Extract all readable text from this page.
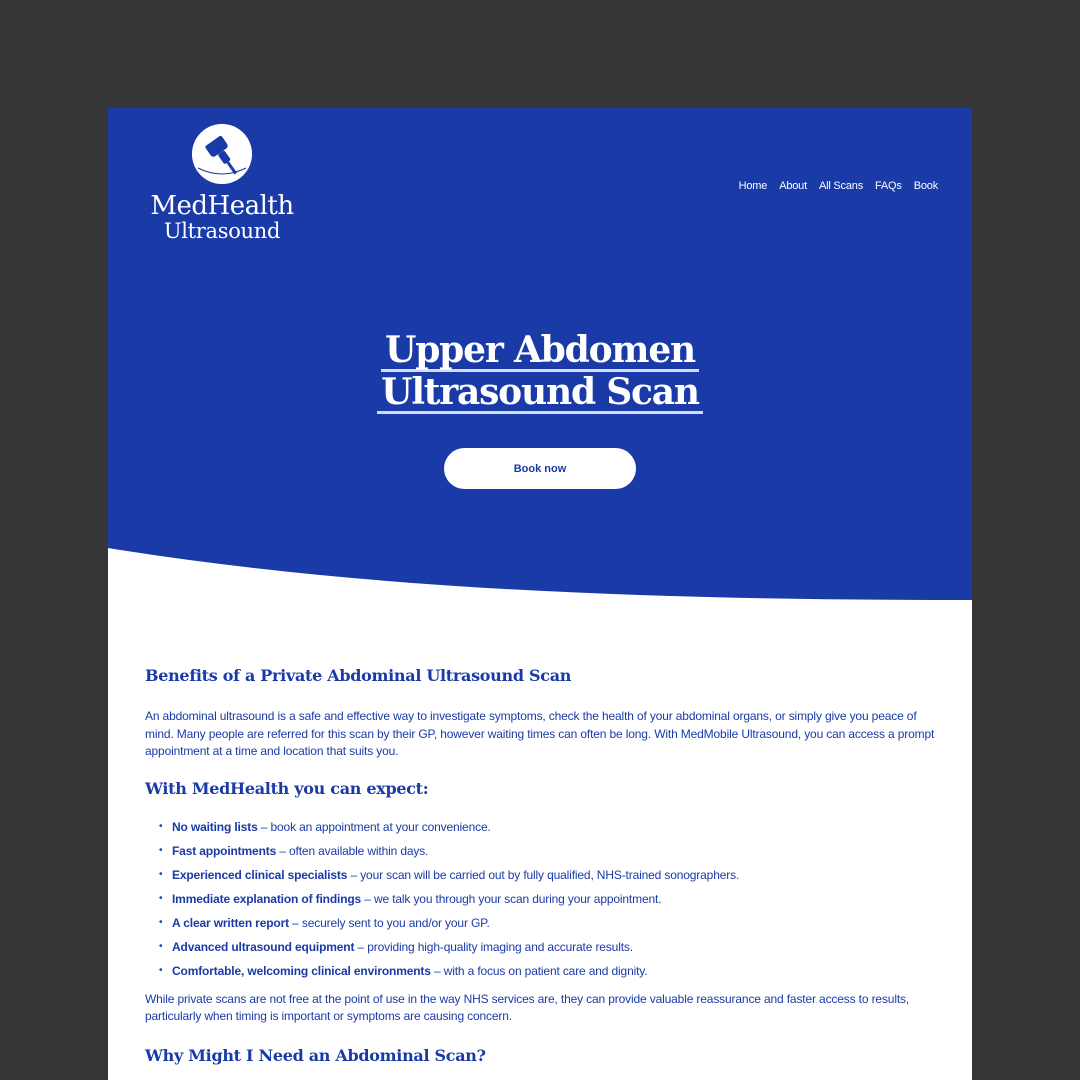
MedHealth
Ultrasound
Home About All Scans FAQs Book
Upper Abdomen
Ultrasound Scan
Book now
Benefits of a Private Abdominal Ultrasound Scan

An abdominal ultrasound is a safe and effective way to investigate symptoms, check the health of your abdominal organs, or simply give you peace of mind. Many people are referred for this scan by their GP, however waiting times can often be long. With MedMobile Ultrasound, you can access a prompt appointment at a time and location that suits you.

With MedHealth you can expect:
• No waiting lists – book an appointment at your convenience.
• Fast appointments – often available within days.
• Experienced clinical specialists – your scan will be carried out by fully qualified, NHS-trained sonographers.
• Immediate explanation of findings – we talk you through your scan during your appointment.
• A clear written report – securely sent to you and/or your GP.
• Advanced ultrasound equipment – providing high-quality imaging and accurate results.
• Comfortable, welcoming clinical environments – with a focus on patient care and dignity.

While private scans are not free at the point of use in the way NHS services are, they can provide valuable reassurance and faster access to results, particularly when timing is important or symptoms are causing concern.

Why Might I Need an Abdominal Scan?
